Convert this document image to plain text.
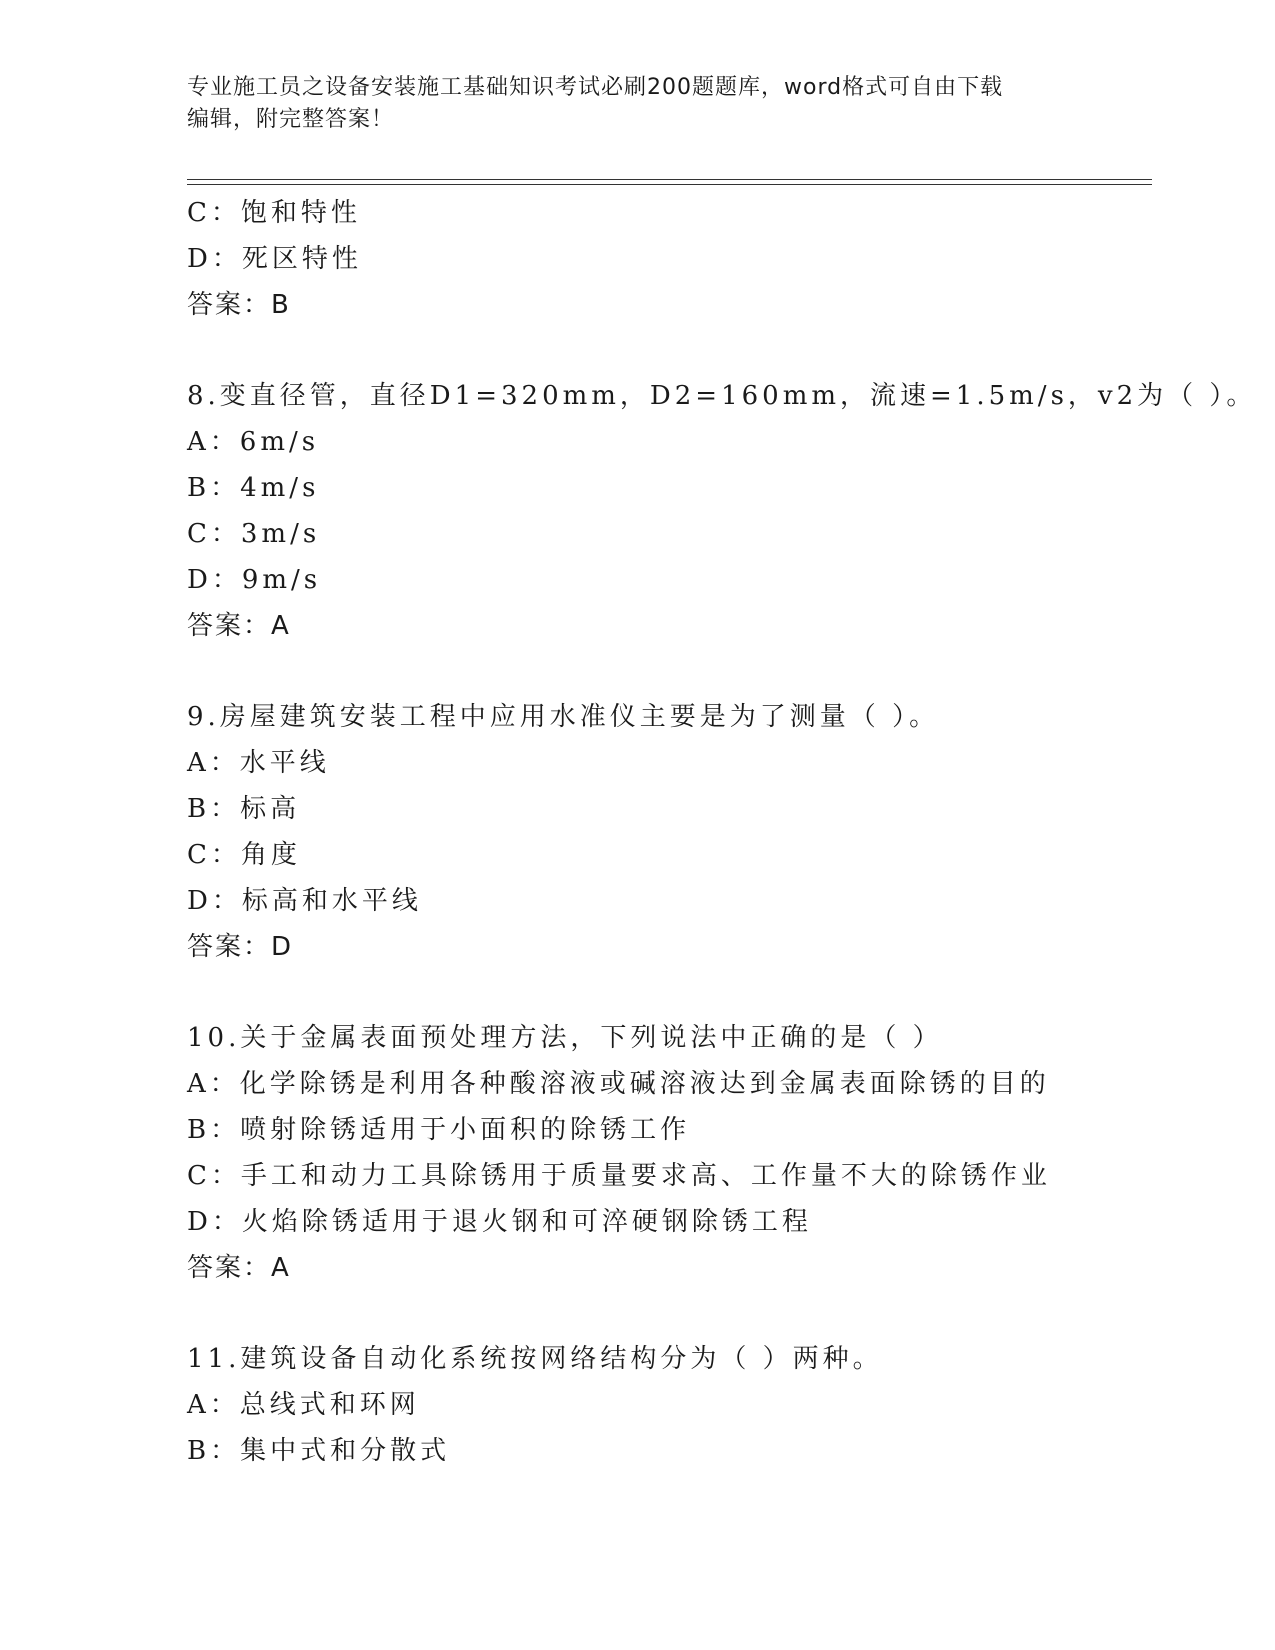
专业施工员之设备安装施工基础知识考试必刷200题题库，word格式可自由下载
编辑，附完整答案！
C：饱和特性
D：死区特性
答案：B
8.变直径管，直径D1=320mm，D2=160mm，流速=1.5m/s，v2为（ ）。
A：6m/s
B：4m/s
C：3m/s
D：9m/s
答案：A
9.房屋建筑安装工程中应用水准仪主要是为了测量（ ）。
A：水平线
B：标高
C：角度
D：标高和水平线
答案：D
10.关于金属表面预处理方法，下列说法中正确的是（ ）
A：化学除锈是利用各种酸溶液或碱溶液达到金属表面除锈的目的
B：喷射除锈适用于小面积的除锈工作
C：手工和动力工具除锈用于质量要求高、工作量不大的除锈作业
D：火焰除锈适用于退火钢和可淬硬钢除锈工程
答案：A
11.建筑设备自动化系统按网络结构分为（ ）两种。
A：总线式和环网
B：集中式和分散式
